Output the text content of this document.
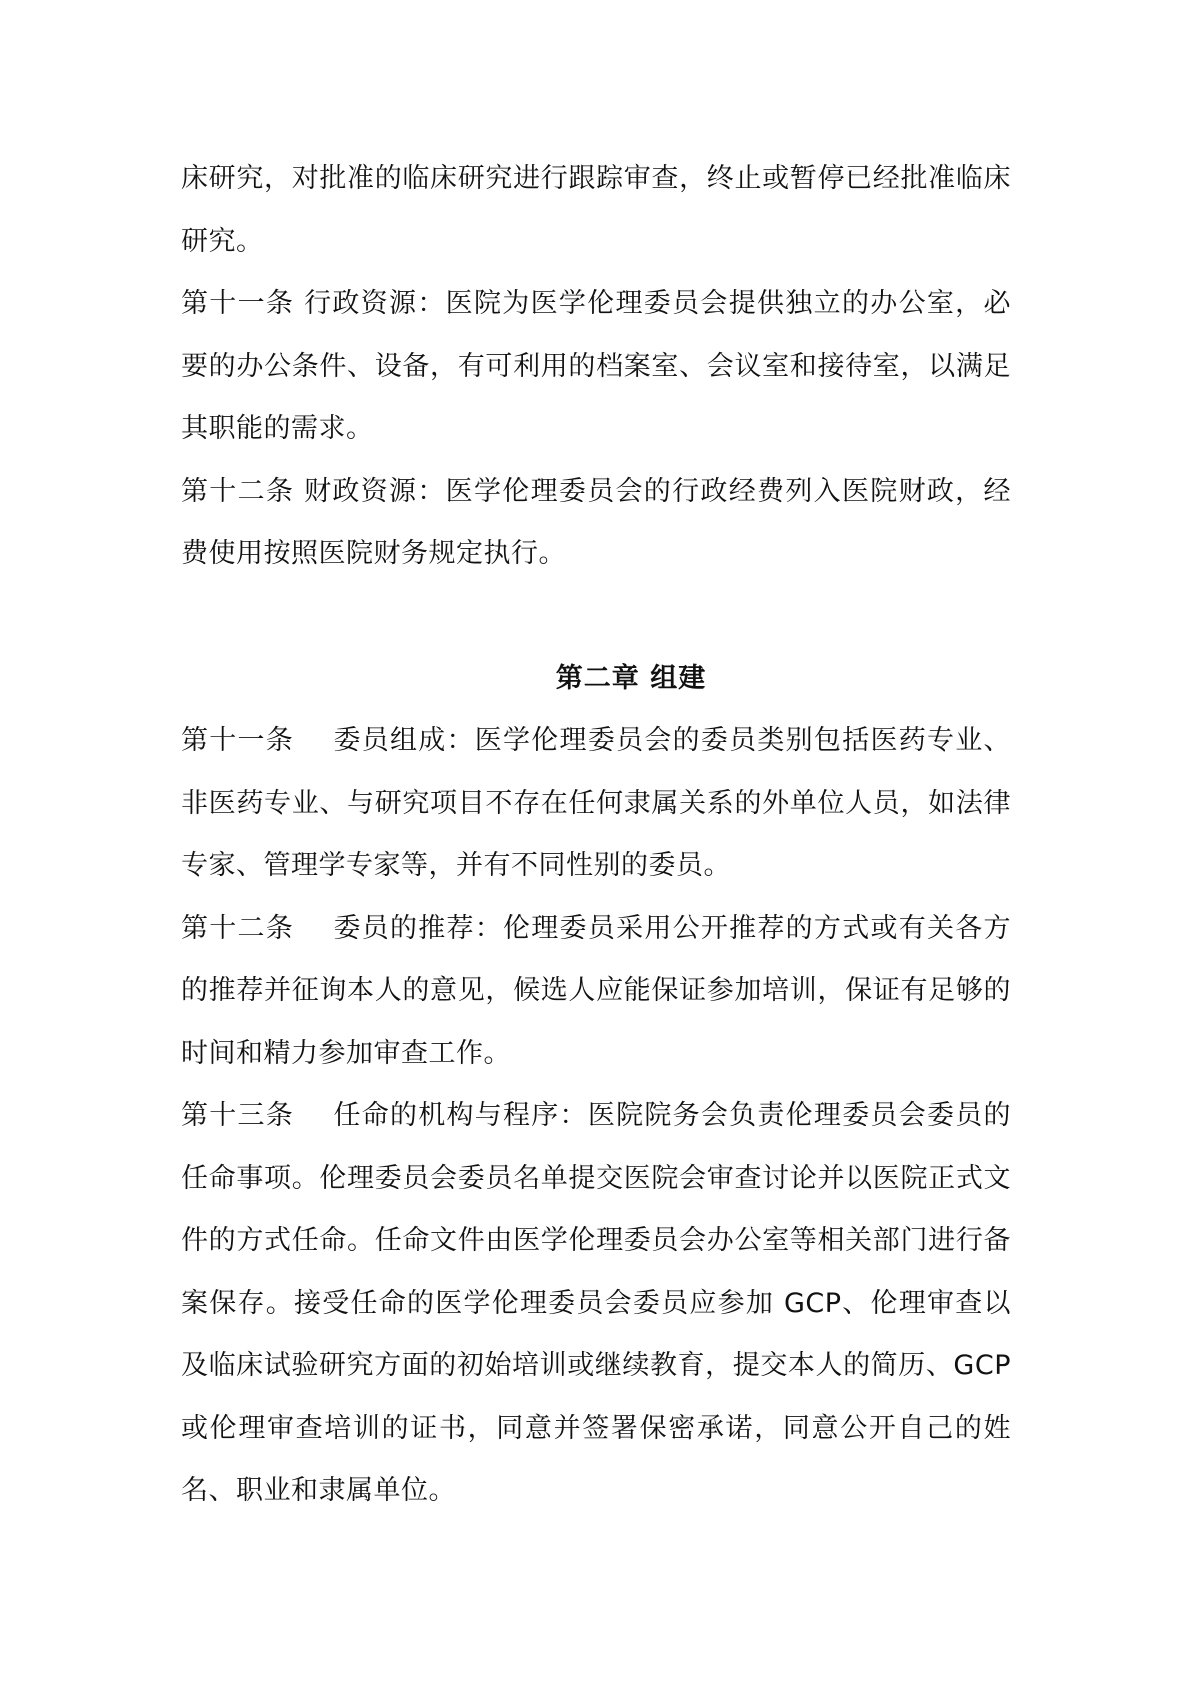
床研究，对批准的临床研究进行跟踪审查，终止或暂停已经批准临床研究。

第十一条 行政资源：医院为医学伦理委员会提供独立的办公室，必要的办公条件、设备，有可利用的档案室、会议室和接待室，以满足其职能的需求。

第十二条 财政资源：医学伦理委员会的行政经费列入医院财政，经费使用按照医院财务规定执行。

第二章 组建

第十一条 委员组成：医学伦理委员会的委员类别包括医药专业、非医药专业、与研究项目不存在任何隶属关系的外单位人员，如法律专家、管理学专家等，并有不同性别的委员。

第十二条 委员的推荐：伦理委员采用公开推荐的方式或有关各方的推荐并征询本人的意见，候选人应能保证参加培训，保证有足够的时间和精力参加审查工作。

第十三条 任命的机构与程序：医院院务会负责伦理委员会委员的任命事项。伦理委员会委员名单提交医院会审查讨论并以医院正式文件的方式任命。任命文件由医学伦理委员会办公室等相关部门进行备案保存。接受任命的医学伦理委员会委员应参加 GCP、伦理审查以及临床试验研究方面的初始培训或继续教育，提交本人的简历、GCP 或伦理审查培训的证书，同意并签署保密承诺，同意公开自己的姓名、职业和隶属单位。
